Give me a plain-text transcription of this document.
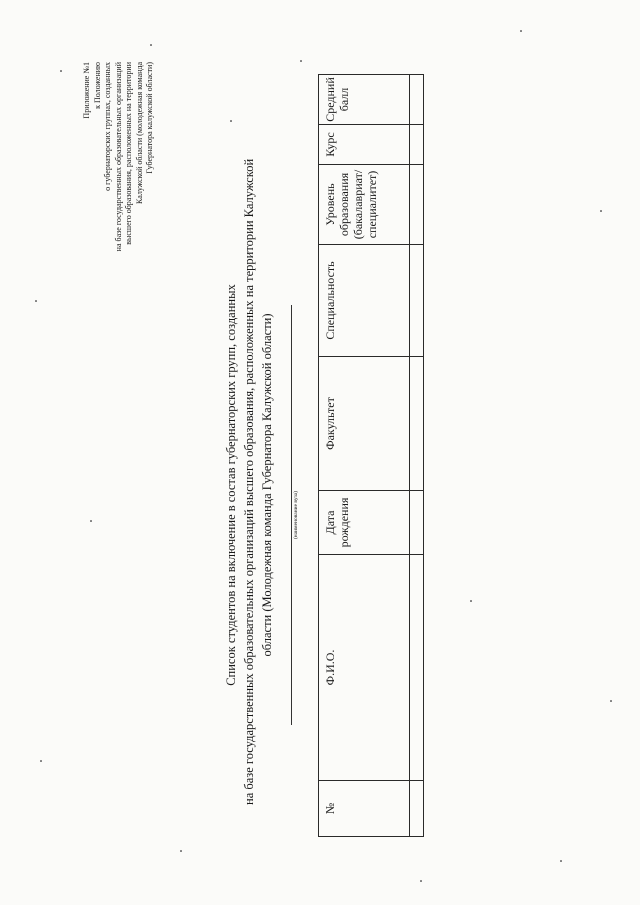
Приложение №1 к Положению о губернаторских группах, созданных на базе государственных образовательных организаций высшего образования, расположенных на территории Калужской области (молодежная команда Губернатора калужской области)
Список студентов на включение в состав губернаторских групп, созданных на базе государственных образовательных организаций высшего образования, расположенных на территории Калужской области (Молодежная команда Губернатора Калужской области)	(наименование вуза)
№	Ф.И.О.	Дата рождения	Факультет	Специальность	Уровень образования (бакалавриат/специалитет)	Курс	Средний балл
